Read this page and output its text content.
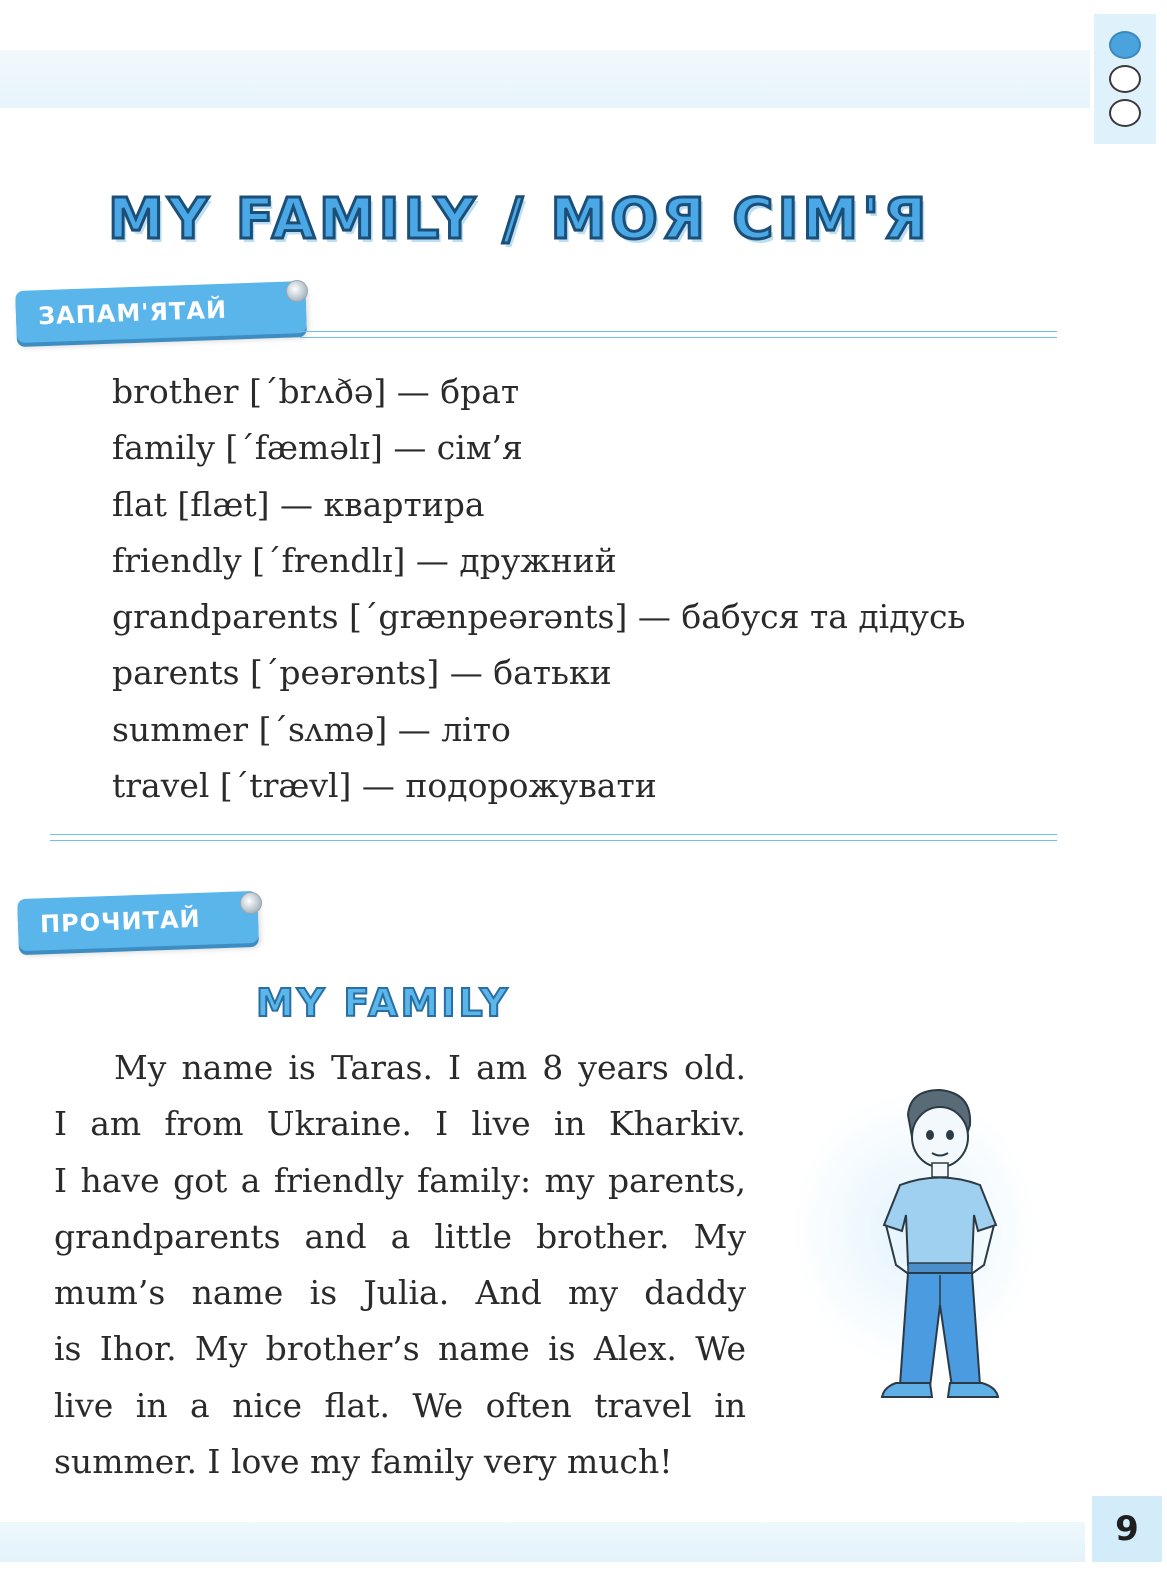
MY FAMILY / МОЯ СІМ'Я
ЗАПАМ'ЯТАЙ
brother [ˊbrʌðə] — брат
family [ˊfæməlɪ] — сім’я
flat [flæt] — квартира
friendly [ˊfrendlɪ] — дружний
grandparents [ˊgrænpeərənts] — бабуся та дідусь
parents [ˊpeərənts] — батьки
summer [ˊsʌmə] — літо
travel [ˊtrævl] — подорожувати
ПРОЧИТАЙ
MY FAMILY
My name is Taras. I am 8 years old.
I am from Ukraine. I live in Kharkiv.
I have got a friendly family: my parents,
grandparents and a little brother. My
mum’s name is Julia. And my daddy
is Ihor. My brother’s name is Alex. We
live in a nice flat. We often travel in
summer. I love my family very much!
9
